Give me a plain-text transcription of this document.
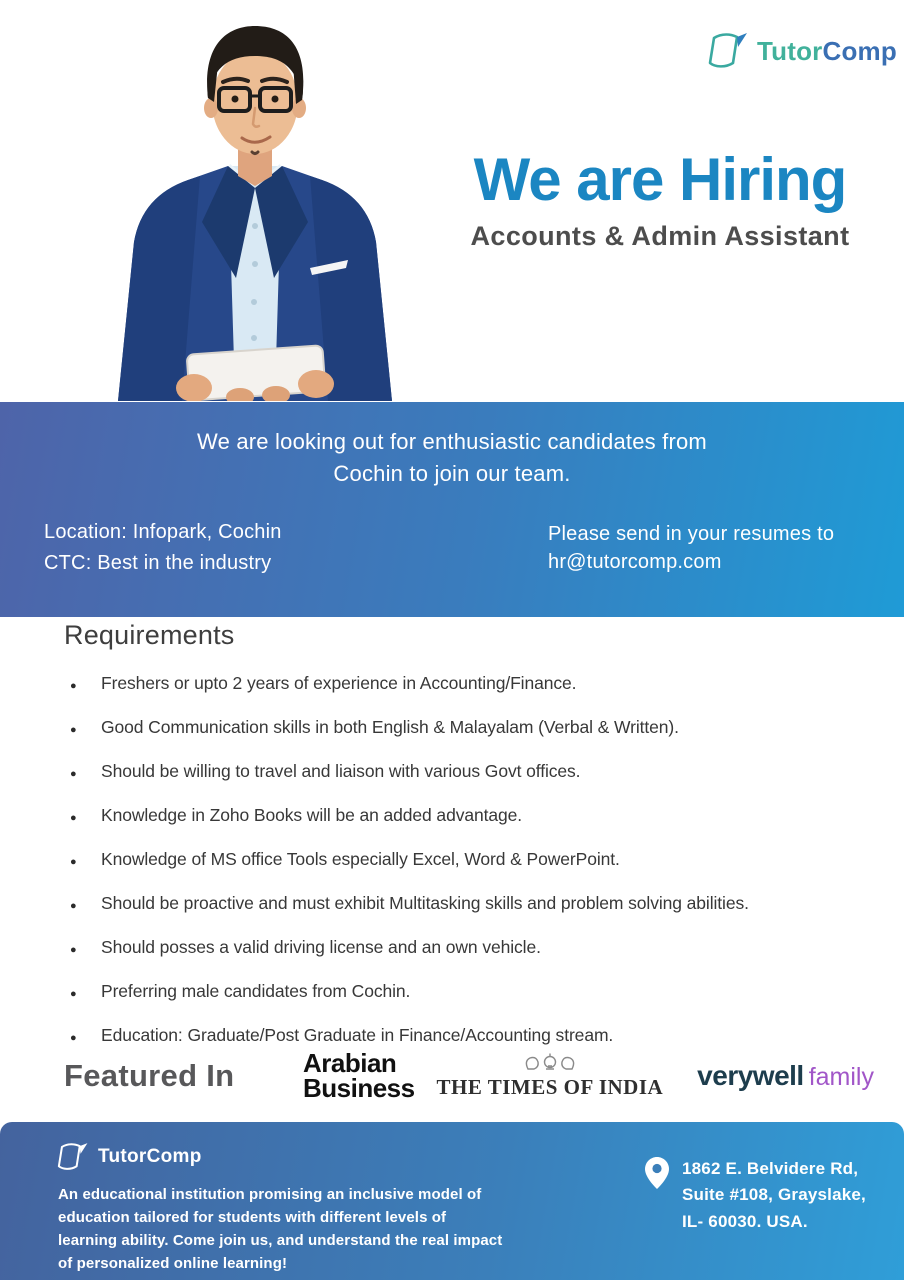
TutorComp
We are Hiring
Accounts & Admin Assistant
We are looking out for enthusiastic candidates from
Cochin to join our team.
Location: Infopark, Cochin
CTC: Best in the industry
Please send in your resumes to
hr@tutorcomp.com
Requirements
● Freshers or upto 2 years of experience in Accounting/Finance.
● Good Communication skills in both English & Malayalam (Verbal & Written).
● Should be willing to travel and liaison with various Govt offices.
● Knowledge in Zoho Books will be an added advantage.
● Knowledge of MS office Tools especially Excel, Word & PowerPoint.
● Should be proactive and must exhibit Multitasking skills and problem solving abilities.
● Should posses a valid driving license and an own vehicle.
● Preferring male candidates from Cochin.
● Education: Graduate/Post Graduate in Finance/Accounting stream.
Featured In	Arabian
Business	THE TIMES OF INDIA verywell family
TutorComp
An educational institution promising an inclusive model of education tailored for students with different levels of learning ability. Come join us, and understand the real impact of personalized online learning!
1862 E. Belvidere Rd,
Suite #108, Grayslake,
IL- 60030. USA.
